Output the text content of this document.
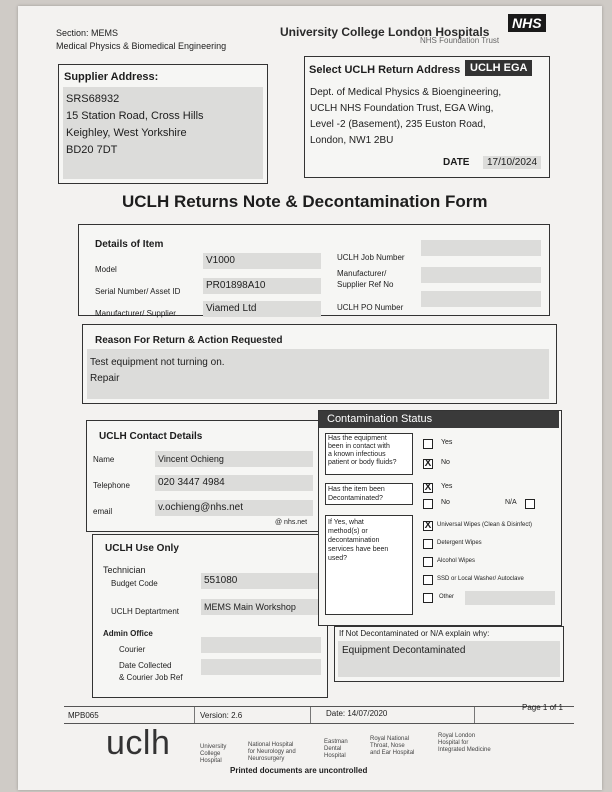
Section: MEMS
Medical Physics & Biomedical Engineering
University College London Hospitals
NHS
NHS Foundation Trust
Supplier Address:
SRS68932
15 Station Road, Cross Hills
Keighley, West Yorkshire
BD20 7DT
Select UCLH Return Address UCLH EGA
Dept. of Medical Physics & Bioengineering,
UCLH NHS Foundation Trust, EGA Wing,
Level -2 (Basement), 235 Euston Road,
London, NW1 2BU
DATE	17/10/2024
UCLH Returns Note & Decontamination Form
Details of Item
Model
V1000
Serial Number/ Asset ID
PR01898A10
Manufacturer/ Supplier	Viamed Ltd
UCLH Job Number
Manufacturer/
Supplier Ref No
UCLH PO Number
Reason For Return & Action Requested
Test equipment not turning on.
Repair
UCLH Contact Details
Name	Vincent Ochieng
Telephone	020 3447 4984
email	v.ochieng@nhs.net
@ nhs.net
UCLH Use Only
Technician
Budget Code	551080
UCLH Deptartment	MEMS Main Workshop
Admin Office
Courier
Date Collected
& Courier Job Ref
Contamination Status
Has the equipment
been in contact with
a known infectious
patient or body fluids?
Yes
X No
Has the item been
Decontaminated?
X Yes
No	N/A
If Yes, what
method(s) or
decontamination
services have been
used?
X Universal Wipes (Clean & Disinfect)
Detergent Wipes
Alcohol Wipes
SSD or Local Washer/ Autoclave
Other
If Not Decontaminated or N/A explain why:
Equipment Decontaminated
MPB065	Version: 2.6	Date: 14/07/2020
Page 1 of 1
uclh	University
College
Hospital
National Hospital
for Neurology and
Neurosurgery
Eastman
Dental
Hospital
Royal National
Throat, Nose
and Ear Hospital
Royal London
Hospital for
Integrated Medicine
Printed documents are uncontrolled
